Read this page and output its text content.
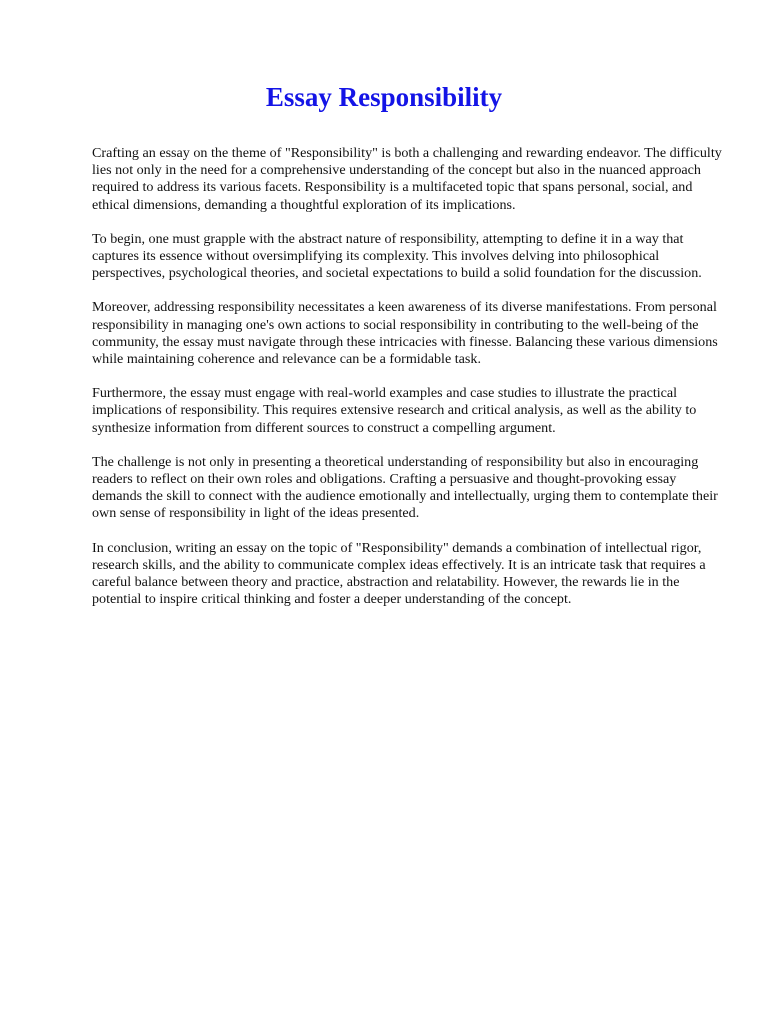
Essay Responsibility

Crafting an essay on the theme of "Responsibility" is both a challenging and rewarding endeavor. The difficulty lies not only in the need for a comprehensive understanding of the concept but also in the nuanced approach required to address its various facets. Responsibility is a multifaceted topic that spans personal, social, and ethical dimensions, demanding a thoughtful exploration of its implications.

To begin, one must grapple with the abstract nature of responsibility, attempting to define it in a way that captures its essence without oversimplifying its complexity. This involves delving into philosophical perspectives, psychological theories, and societal expectations to build a solid foundation for the discussion.

Moreover, addressing responsibility necessitates a keen awareness of its diverse manifestations. From personal responsibility in managing one's own actions to social responsibility in contributing to the well-being of the community, the essay must navigate through these intricacies with finesse. Balancing these various dimensions while maintaining coherence and relevance can be a formidable task.

Furthermore, the essay must engage with real-world examples and case studies to illustrate the practical implications of responsibility. This requires extensive research and critical analysis, as well as the ability to synthesize information from different sources to construct a compelling argument.

The challenge is not only in presenting a theoretical understanding of responsibility but also in encouraging readers to reflect on their own roles and obligations. Crafting a persuasive and thought-provoking essay demands the skill to connect with the audience emotionally and intellectually, urging them to contemplate their own sense of responsibility in light of the ideas presented.

In conclusion, writing an essay on the topic of "Responsibility" demands a combination of intellectual rigor, research skills, and the ability to communicate complex ideas effectively. It is an intricate task that requires a careful balance between theory and practice, abstraction and relatability. However, the rewards lie in the potential to inspire critical thinking and foster a deeper understanding of the concept.
